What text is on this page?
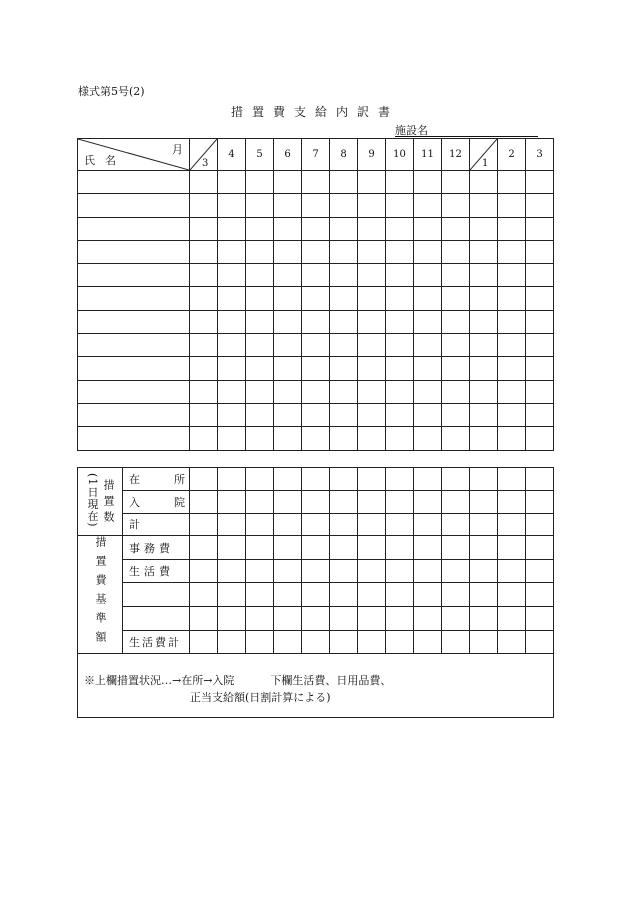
様式第5号(2)
措置費支給内訳書
施設名
月
氏名	3	4	5	6	7	8	9	10	11	12	1	2	3

措置数(1日現在)	在　　所													
	入　　院													
	計													
措置費基準額	事務費													
	生活費													

	生活費計													

※上欄措置状況…→在所→入院 下欄生活費、日用品費、
正当支給額(日割計算による)														
